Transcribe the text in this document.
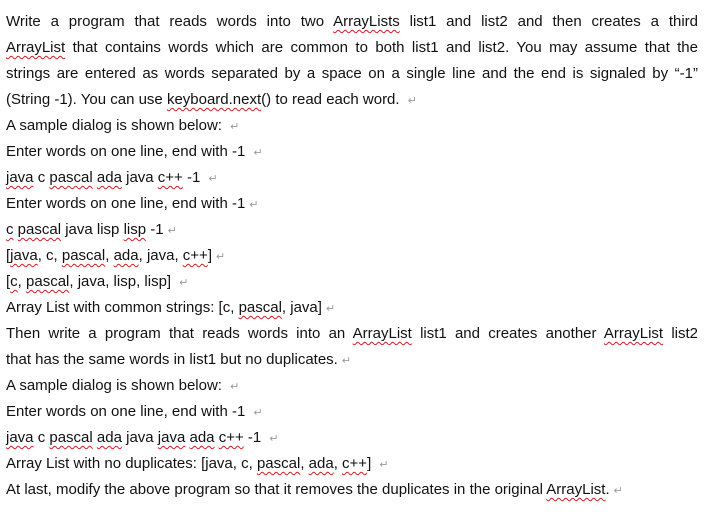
Write a program that reads words into two ArrayLists list1 and list2 and then creates a third
ArrayList that contains words which are common to both list1 and list2. You may assume that the
strings are entered as words separated by a space on a single line and the end is signaled by “-1”
(String -1). You can use keyboard.next() to read each word. ↵
A sample dialog is shown below: ↵
Enter words on one line, end with -1 ↵
java c pascal ada java c++ -1 ↵
Enter words on one line, end with -1 ↵
c pascal java lisp lisp -1 ↵
[java, c, pascal, ada, java, c++] ↵
[c, pascal, java, lisp, lisp] ↵
Array List with common strings: [c, pascal, java] ↵
Then write a program that reads words into an ArrayList list1 and creates another ArrayList list2
that has the same words in list1 but no duplicates. ↵
A sample dialog is shown below: ↵
Enter words on one line, end with -1 ↵
java c pascal ada java java ada c++ -1 ↵
Array List with no duplicates: [java, c, pascal, ada, c++] ↵
At last, modify the above program so that it removes the duplicates in the original ArrayList. ↵
